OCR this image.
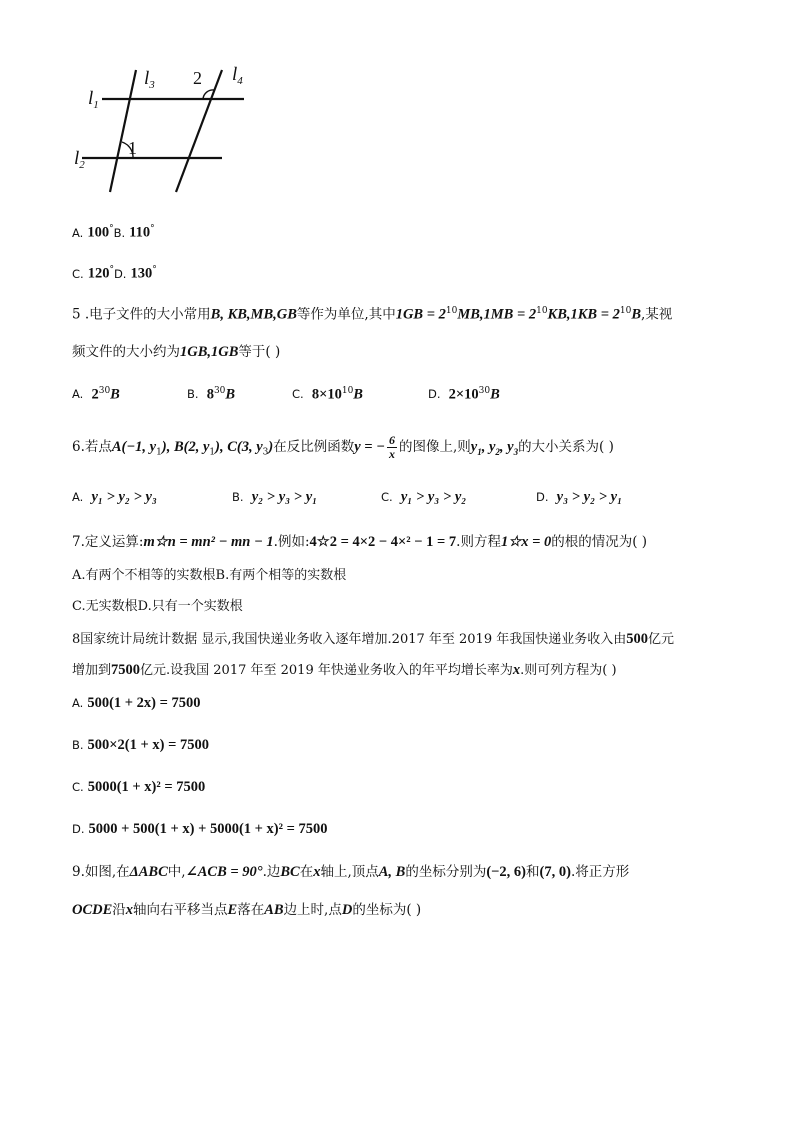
$l_1$
$l_2$
$l_3$	$l_4$
1
2
A. 100°B. 110°
C. 120°D. 130°
5 .电子文件的大小常用B, KB,MB,GB等作为单位,其中$1GB = 2^{10}MB,1MB = 2^{10}KB,1KB = 2^{10}B$,某视
频文件的大小约为1GB,1GB等于( )
A. $2^{30}B$	B. $8^{30}B$	C. $8\times 10^{10}B$	D. $2\times 10^{30}B$
6.若点A(−1, $y_1$), B(2, $y_1$), C(3, $y_3$)在反比例函数y = − $\frac{6}{x}$ 的图像上,则$y_1$, $y_2$, $y_3$的大小关系为( )
A. y₁ > y₂ > y₃	B. y₂ > y₃ > y₁	C. y₁ > y₃ > y₂	D. y₃ > y₂ > y₁
7.定义运算:m☆n = mn² − mn − 1.例如:4☆2 = 4×2 − 4×² − 1 = 7.则方程1☆x = 0的根的情况为( )
A.有两个不相等的实数根B.有两个相等的实数根
C.无实数根D.只有一个实数根
8国家统计局统计数据 显示,我国快递业务收入逐年增加.2017 年至 2019 年我国快递业务收入由500亿元
增加到7500亿元.设我国 2017 年至 2019 年快递业务收入的年平均增长率为x.则可列方程为( )
A. 500(1 + 2x) = 7500
B. 500×2(1 + x) = 7500
C. 5000(1 + x)² = 7500
D. 5000 + 500(1 + x) + 5000(1 + x)² = 7500
9.如图,在ΔABC中,∠ACB = 90°.边BC在x轴上,顶点A, B的坐标分别为(−2, 6)和(7, 0).将正方形
OCDE沿x轴向右平移当点E落在AB边上时,点D的坐标为( )
